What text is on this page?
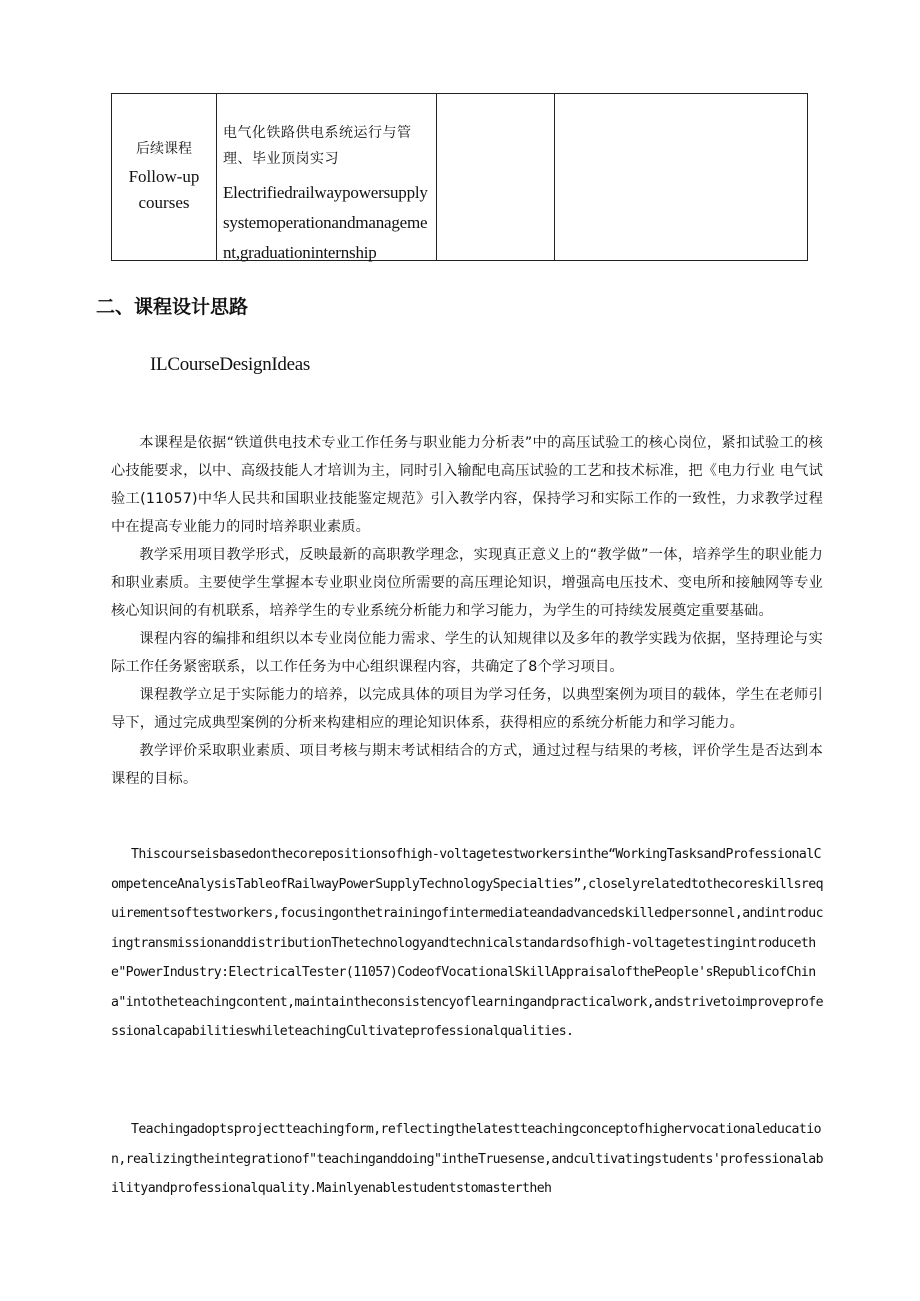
后续课程
Follow-up courses
电气化铁路供电系统运行与管理、毕业顶岗实习
Electrifiedrailwaypowersupplysystemoperationandmanagement,graduationinternship
二、课程设计思路
ILCourseDesignIdeas

本课程是依据“铁道供电技术专业工作任务与职业能力分析表”中的高压试验工的核心岗位，紧扣试验工的核心技能要求，以中、高级技能人才培训为主，同时引入输配电高压试验的工艺和技术标准，把《电力行业 电气试验工(11057)中华人民共和国职业技能鉴定规范》引入教学内容，保持学习和实际工作的一致性，力求教学过程中在提高专业能力的同时培养职业素质。

教学采用项目教学形式，反映最新的高职教学理念，实现真正意义上的“教学做”一体，培养学生的职业能力和职业素质。主要使学生掌握本专业职业岗位所需要的高压理论知识，增强高电压技术、变电所和接触网等专业核心知识间的有机联系，培养学生的专业系统分析能力和学习能力，为学生的可持续发展奠定重要基础。

课程内容的编排和组织以本专业岗位能力需求、学生的认知规律以及多年的教学实践为依据，坚持理论与实际工作任务紧密联系，以工作任务为中心组织课程内容，共确定了8个学习项目。

课程教学立足于实际能力的培养，以完成具体的项目为学习任务，以典型案例为项目的载体，学生在老师引导下，通过完成典型案例的分析来构建相应的理论知识体系，获得相应的系统分析能力和学习能力。

教学评价采取职业素质、项目考核与期末考试相结合的方式，通过过程与结果的考核，评价学生是否达到本课程的目标。

Thiscourseisbasedonthecorepositionsofhigh-voltagetestworkersinthe“WorkingTasksandProfessionalCompetenceAnalysisTableofRailwayPowerSupplyTechnologySpecialties”,closelyrelatedtothecoreskillsrequirementsoftestworkers,focusingonthetrainingofintermediateandadvancedskilledpersonnel,andintroducingtransmissionanddistributionThetechnologyandtechnicalstandardsofhigh-voltagetestingintroducethe"PowerIndustry:ElectricalTester(11057)CodeofVocationalSkillAppraisalofthePeople'sRepublicofChina"intotheteachingcontent,maintaintheconsistencyoflearningandpracticalwork,andstrivetoimproveprofessionalcapabilitieswhileteachingCultivateprofessionalqualities.

Teachingadoptsprojectteachingform,reflectingthelatestteachingconceptofhighervocationaleducation,realizingtheintegrationof"teachinganddoing"intheTruesense,andcultivatingstudents'professionalabilityandprofessionalquality.Mainlyenablestudentstomastertheh
